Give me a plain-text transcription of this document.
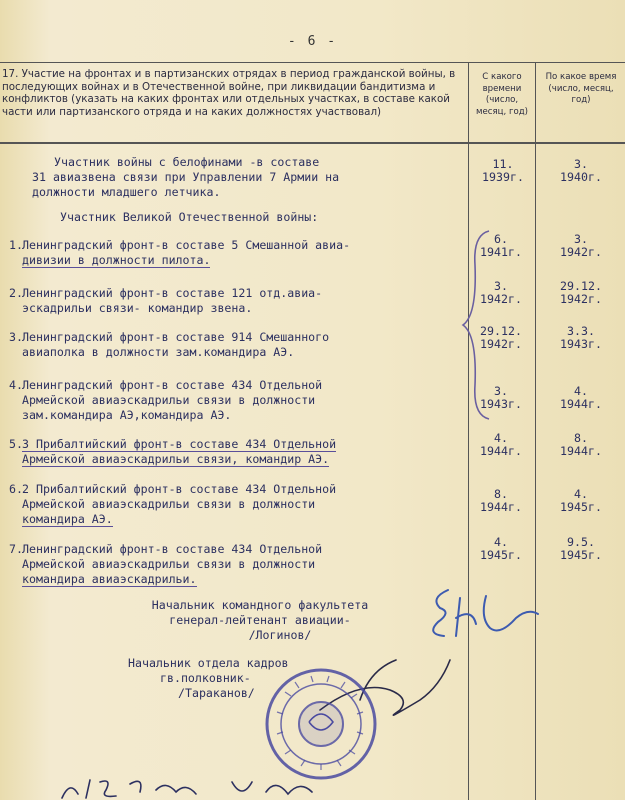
- 6 -
17. Участие на фронтах и в партизанских отрядах в период гражданской войны, в последующих войнах и в Отечественной войне, при ликвидации бандитизма и конфликтов (указать на каких фронтах или отдельных участках, в составе какой части или партизанского отряда и на каких должностях участвовал)
С какого времени (число, месяц, год)
По какое время (число, месяц, год)
Участник войны с белофинами -в составе
31 авиазвена связи при Управлении 7 Армии на
должности младшего летчика.
11.
1939г.
3.
1940г.
Участник Великой Отечественной войны:
1. Ленинградский фронт-в составе 5 Смешанной авиа-
дивизии в должности пилота.
6.
1941г.
3.
1942г.
2. Ленинградский фронт-в составе 121 отд.авиа-
эскадрильи связи- командир звена.
3.
1942г.
29.12.
1942г.
3. Ленинградский фронт-в составе 914 Смешанного
авиаполка в должности зам.командира АЭ.
29.12.
1942г.
3.3.
1943г.
4. Ленинградский фронт-в составе 434 Отдельной
Армейской авиаэскадрильи связи в должности
зам.командира АЭ,командира АЭ.
3.
1943г.
4.
1944г.
5. 3 Прибалтийский фронт-в составе 434 Отдельной
Армейской авиаэскадрильи связи, командир АЭ.
4.
1944г.
8.
1944г.
6. 2 Прибалтийский фронт-в составе 434 Отдельной
Армейской авиаэскадрильи связи в должности
командира АЭ.
8.
1944г.
4.
1945г.
7. Ленинградский фронт-в составе 434 Отдельной
Армейской авиаэскадрильи связи в должности
командира авиаэскадрильи.
4.
1945г.
9.5.
1945г.
Начальник командного факультета
генерал-лейтенант авиации-
/Логинов/
Начальник отдела кадров
гв.полковник-
/Тараканов/
